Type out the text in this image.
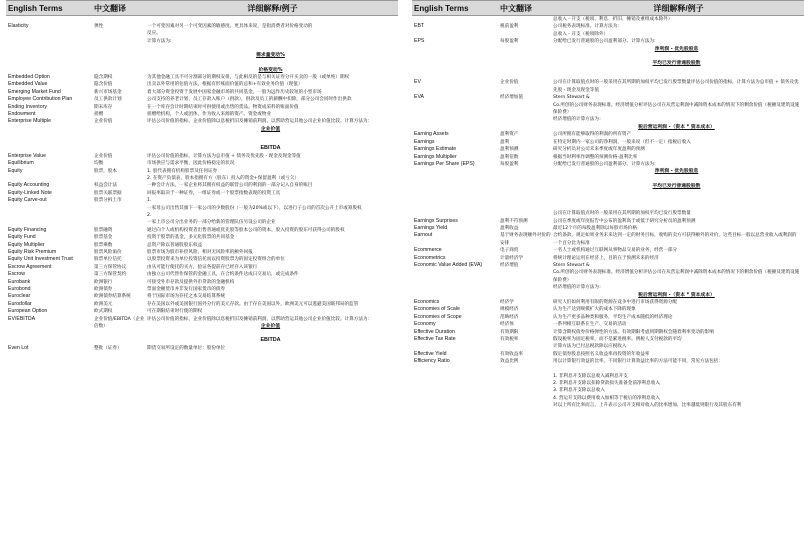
English Terms	中文翻译	详细解释/例子
Elasticity	弹性	一个可变因素对另一个可变因素的敏感度。更具体来说，是指消费者对价格变动的
反应。
计算方法为:
需求量变动%
价格变动%
Embedded Option	隐含期权	为其他金融工具不可分割部分的期权安排，与此相反的是与相关证券分开买卖的一般（或单纯）期权
Embedded Value	隐含价值	出卖以外常用的估值方法，根据有形账面价值的总和+有效业务价值（现值）
Emerging Market Fund	新兴市场基金	着大部分资金投资于发展中国家金融市场的共同基金。一般为远作历史较短的小型市场
Employee Contribution Plan	员工供款计划	公司支持的养老计划，员工存款入账户（供款），供款及员工的薪酬中扣除，部分公司会同时作出供款
Ending Inventory	期末库存	在一个库存会计时期结束时可供使用或出售的货品。物资成采料的账面价值
Endowment	捐赠	捐赠给机构，个人或团体，作为收入来源的资产。资金或物业
Enterprise Multiple	企业价值	评估公司价值的指标，企业价值除以息税折旧及摊销前利润，以帮助营运其他公司企业价值比较。计算方法为：
企业价值
EBITDA
Enterprise Value	企业价值	评估公司价值的指标，计算方法为总市值 + 债务及优先股 - 现金及现金等值
Equilibrium	均衡	市场供应与需求平衡，因此价格稳定的状况
Equity	股票，股本	1. 股代表拥有机构股票及任何证券
2. 在资产负债表，股本指拥有方（股东）投入的资金+保留盈利（或亏欠）
Equity Accounting	权益会计法	一种会计方法，一家企业将其拥有权益的联营公司的利润的一部分记入自身的账目
Equity-Linked Note	股票关联票据	回报率取决于一种证券，一组证券或一个股票指数表现的投资工具
Equity Carve-out	股票分拆上市	1.
一家母公司出售其旗下一家公司的少数股份（一般为20%或以下），以进行子公司的首次公开上市或筹股权
2.
一家上市公司分出业务的一部分给新的管理队伍另设公司的企业
Equity Financing	股票融资	通过向个人或机构投资者出售普通或优先股等股本公司的资本。股入投资的股东可获得公司的股权
Equity Fund	股票基金	投资于股票的基金，多元化股票的共同基金
Equity Multiplier	股票乘数	总资产除以普通股股东权益
Equity Risk Premium	股票风险溢价	股票市场为股市补偿风险，相对无风险率的额外回报
Equity Unit Investment Trust	股票单位信托	以股票投资来为单位投资信托而以投资股票为的固定投资组合的单位
Escrow Agreement	第三方保管协议	由从可能行使托的买方，验证各提前存已经存入该银行
Escrow	第三方保管契约	由独立公司代替作保管的金融工具，在合约条件达成日交易后，或完成条件
Eurobank	欧洲银行	可接受外币存款及提供外币贷款的金融机构
Eurobond	欧洲债券	票面金额货币并非发行国家货币的债券
Euroclear	欧洲债券结算系统	将于国际市场为存托之本交易结算系统
Eurodollar	欧洲美元	存在美国以外或美国银行国外分行的美元存款。由于存在美国以外，欧洲美元可以逃避美国联邦局的监管
European Option	欧式期权	可在期限结束时行使的期权
EV/EBITDA	企业价值/EBITDA（企业倍数）
评估公司价值的指标，企业价值除以息税折旧及摊销前利润，以帮助营运其他公司企业价值比较。计算方法为：
企业价值
EBITDA
Even Lot	整批（证券）	期货交易所设定的数量单位：股份单位
English Terms	中文翻译	详细解释/例子
总收入 - 开支（税项、利息、折旧、摊销及重组成本除外）
EBT	税前盈利	公司税务表现标准。计算方法为:
总收入 - 开支（税项除外）
EPS	每股盈利	分配给已发行普通股的公司盈利部分。计算方法为:
净利润 - 优先股股息
平均已发行普通股股数
EV	企业价值	公司在计算取值点时的一般采用在其所期的加权平均已发行股票数量评估公司价值的指标，计算方法为总市值 + 债务及优先股 - 现金及现金等值
EVA	经济增加值	Stern Stewart &
Co.所创的公司财务表现标准。经济增值分析评估公司在从营运利润中减除资本成本的情况下的剩余价值（税额及建筑设施保险费）
经济增值的计算方法为：
税后营运利润 -（资本 * 资本成本）
Earning Assets	盈利资产	公司所拥有能够取得的利润的所有资产
Earnings	盈利	在特定时期内一家公司的净利润，一般来说（但不一定）指税后收入
Earnings Estimate	盈利预测	研究分析员对公司未来季度或年度盈利的预测
Earnings Multiplier	盈利倍数	根据当时利率作调整的预测价格-盈利比率
Earnings Per Share (EPS)	每股盈利	分配给已发行普通股的公司盈利部分。计算方法为:
净利润 - 优先股股息
平均已发行普通股股数
公司在计算取值点时的一般采用在其所期的加权平均已发行股票数量
Earnings Surprises	盈利不符预测	公司在季度或年度报告中公布的盈利高于或低于研究分析员的盈利预测
Earnings Yield	盈利收益	最近12个月的每股盈利除以每股市场价格
Earnout	基于财务表现额外对价的安排
合约条款，规定如果业务未来达到一定的财务目标，收购的卖方可获得额外的对价，这些目标一般以总营业收入或利润的一个百分比为标准
Ecommerce	电子商贸	一名人士或机构通过互联网从事物品交易的业务，经营一部分
Econometrics	计量经济学	将统计理论运用在经济上，目的在于预测未来的经济
Economic Value Added (EVA)	经济增值	Stern Stewart &
Co.所创的公司财务表现标准。经济增值分析评估公司在从营运利润中减除资本成本的情况下的剩余价值（税额及建筑设施保险费）
经济增值的计算方法为：
税后营运利润 -（资本 * 资本成本）
Economics	经济学	研究人们如何利用有限的资源在竞争中进行市场获得资源分配
Economies of Scale	规模经济	认为生产达到规模扩大的成本下降的现象
Economies of Scope	范畴经济	认为生产更多品种类和服务，平均生产成本随低的经济理论
Economy	经济体	一系列相互联系在生产、交易的活动
Effective Duration	有效期限	计算含期权债券价格弹性的方法。有效期限考虑到期期权会随着利率变动的影响
Effective Tax Rate	有效税率	假设税率为固定税率，而不是累进税率。例税人支付税款的平均
计算方法为已付总税款除以应税收入
Effective Yield	有效收益率	假定债券股息按照名义收益率再投资的年收益率
Efficiency Ratio	效益比例	用以计算银行效益的比率，不同银行计算效益比率的方法可能不同，常见方法包括：
1. 非利息开支除以总收入减利息开支
2. 非利息开支除以扣除贷款损失准备金前净利息收入
3. 非利息开支除以总收入
4. 营运开支除以费用收入加相等于税后的净利息收入
对以上所有比率而言，上升表示公司开支相对收入的比率增加，比率越低则银行及其股东有利
